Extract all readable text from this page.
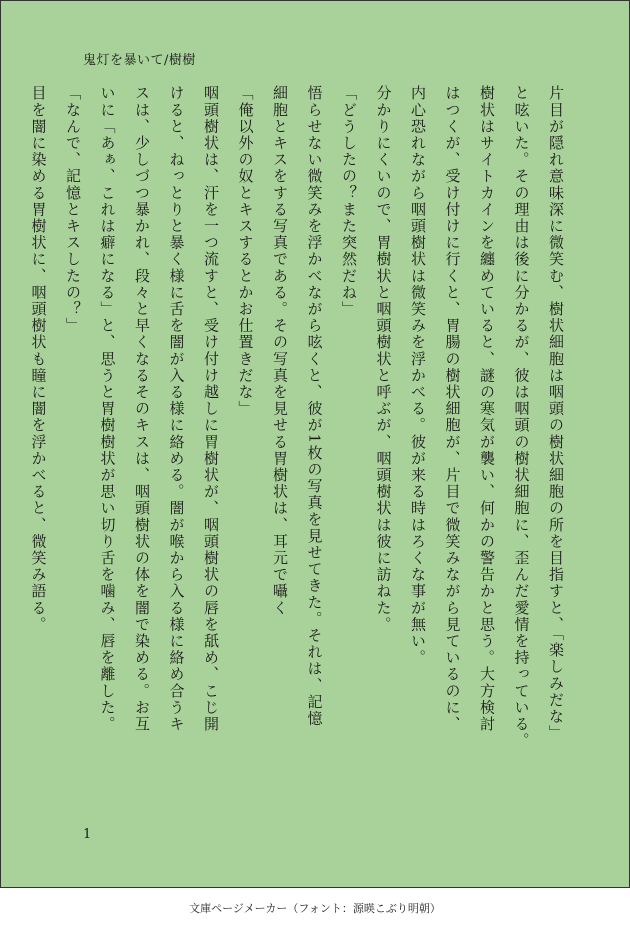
鬼灯を暴いて/樹樹

片目が隠れ意味深に微笑む、樹状細胞は咽頭の樹状細胞の所を目指すと、「楽しみだな」

と呟いた。その理由は後に分かるが、彼は咽頭の樹状細胞に、歪んだ愛情を持っている。

樹状はサイトカインを纏めていると、謎の寒気が襲い、何かの警告かと思う。大方検討

はつくが、受け付けに行くと、胃腸の樹状細胞が、片目で微笑みながら見ているのに、

内心恐れながら咽頭樹状は微笑みを浮かべる。彼が来る時はろくな事が無い。

分かりにくいので、胃樹状と咽頭樹状と呼ぶが、咽頭樹状は彼に訪ねた。

「どうしたの？また突然だね」

悟らせない微笑みを浮かべながら呟くと、彼が1枚の写真を見せてきた。それは、記憶

細胞とキスをする写真である。その写真を見せる胃樹状は、耳元で囁く

「俺以外の奴とキスするとかお仕置きだな」

咽頭樹状は、汗を一つ流すと、受け付け越しに胃樹状が、咽頭樹状の唇を舐め、こじ開

けると、ねっとりと暴く様に舌を闇が入る様に絡める。闇が喉から入る様に絡め合うキ

スは、少しづつ暴かれ、段々と早くなるそのキスは、咽頭樹状の体を闇で染める。お互

いに「あぁ、これは癖になる」と、思うと胃樹樹状が思い切り舌を噛み、唇を離した。

「なんで、記憶とキスしたの？」

目を闇に染める胃樹状に、咽頭樹状も瞳に闇を浮かべると、微笑み語る。

1
文庫ページメーカー（フォント：源暎こぶり明朝）
